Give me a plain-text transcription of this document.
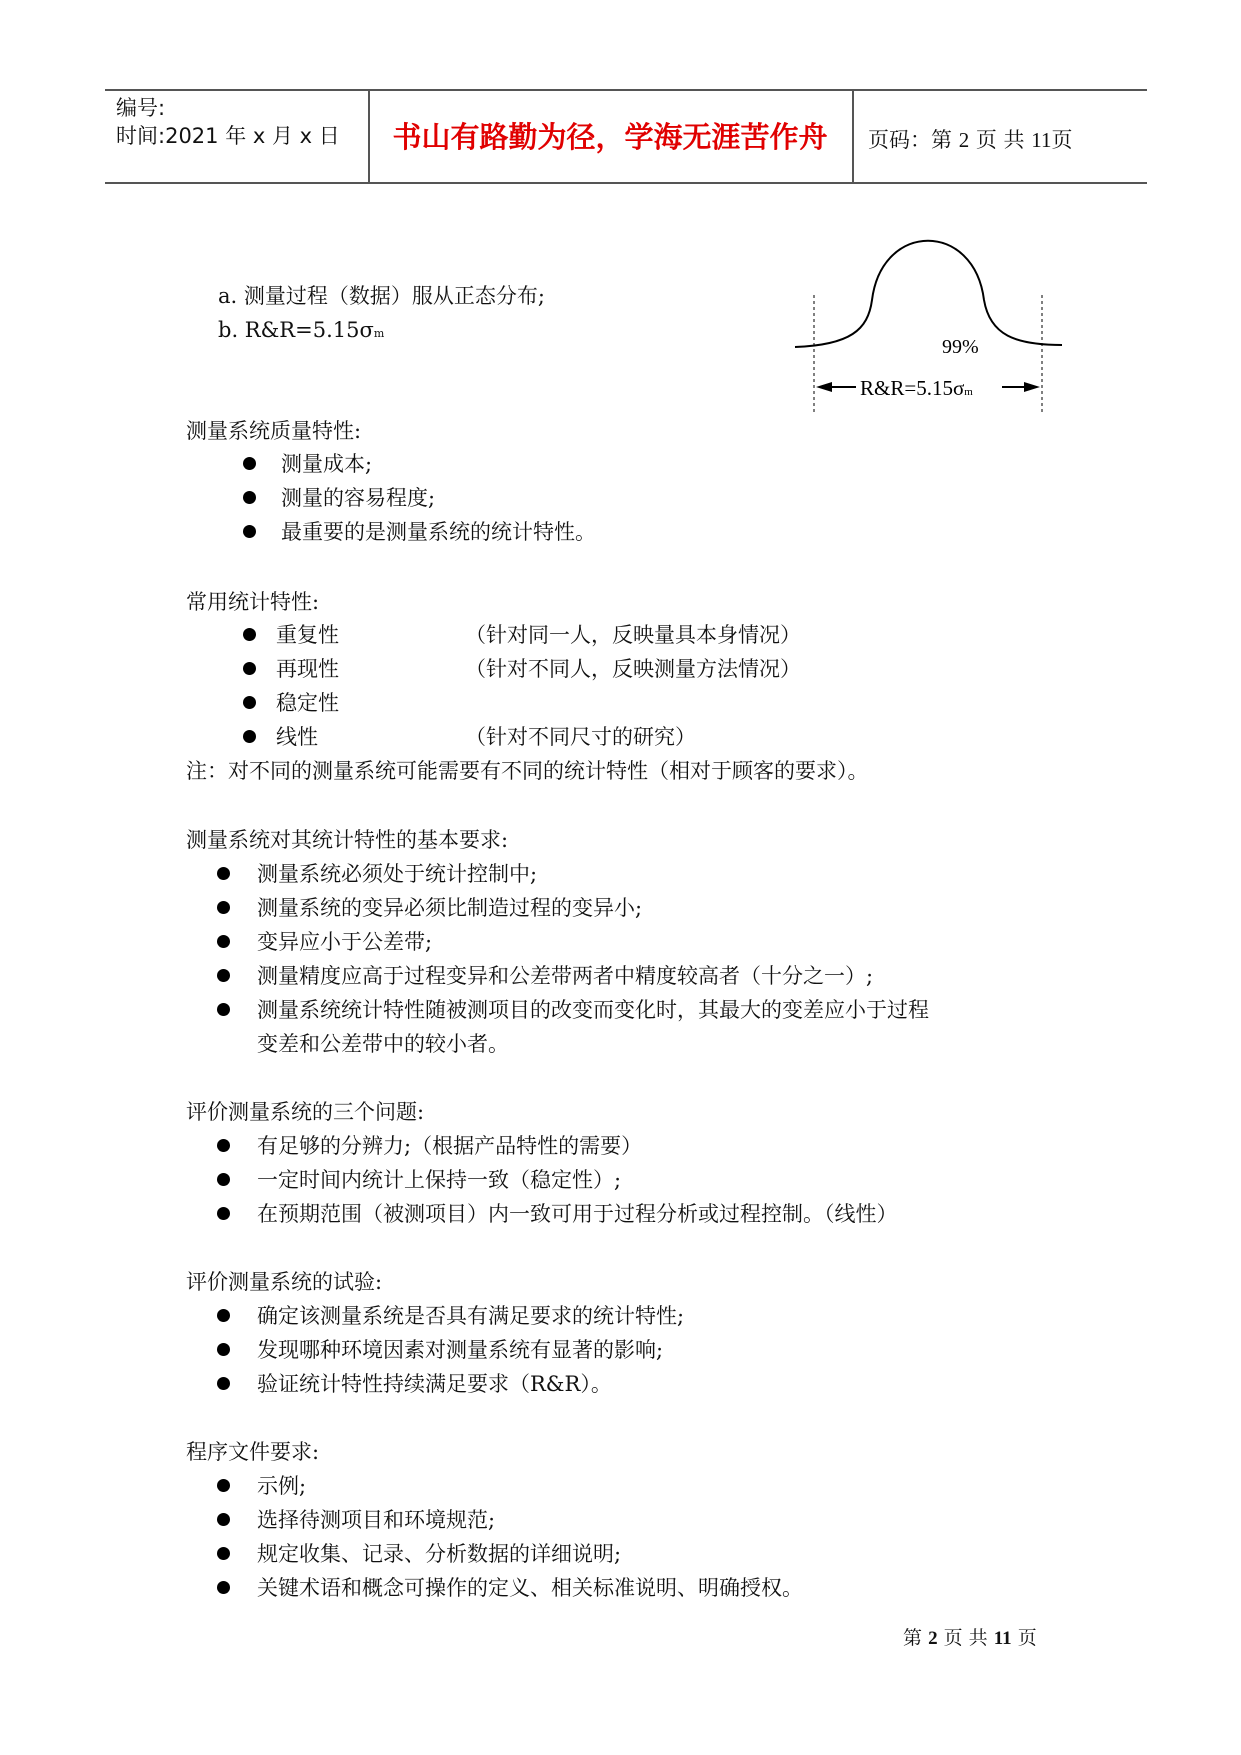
编号:
时间:2021 年 x 月 x 日	书山有路勤为径，学海无涯苦作舟	页码：第 2 页 共 11页
a. 测量过程（数据）服从正态分布;
b. R&R=5.15σm
99%
R&R=5.15σm
测量系统质量特性:
测量成本;
测量的容易程度;
最重要的是测量系统的统计特性。
常用统计特性:
重复性	（针对同一人，反映量具本身情况）
再现性	（针对不同人，反映测量方法情况）
稳定性
线性	（针对不同尺寸的研究）
注：对不同的测量系统可能需要有不同的统计特性（相对于顾客的要求）。
测量系统对其统计特性的基本要求:
测量系统必须处于统计控制中;
测量系统的变异必须比制造过程的变异小;
变异应小于公差带;
测量精度应高于过程变异和公差带两者中精度较高者（十分之一）;
测量系统统计特性随被测项目的改变而变化时，其最大的变差应小于过程
变差和公差带中的较小者。
评价测量系统的三个问题:
有足够的分辨力;（根据产品特性的需要）
一定时间内统计上保持一致（稳定性）;
在预期范围（被测项目）内一致可用于过程分析或过程控制。（线性）
评价测量系统的试验:
确定该测量系统是否具有满足要求的统计特性;
发现哪种环境因素对测量系统有显著的影响;
验证统计特性持续满足要求（R&R）。
程序文件要求:
示例;
选择待测项目和环境规范;
规定收集、记录、分析数据的详细说明;
关键术语和概念可操作的定义、相关标准说明、明确授权。
第 2 页 共 11 页
